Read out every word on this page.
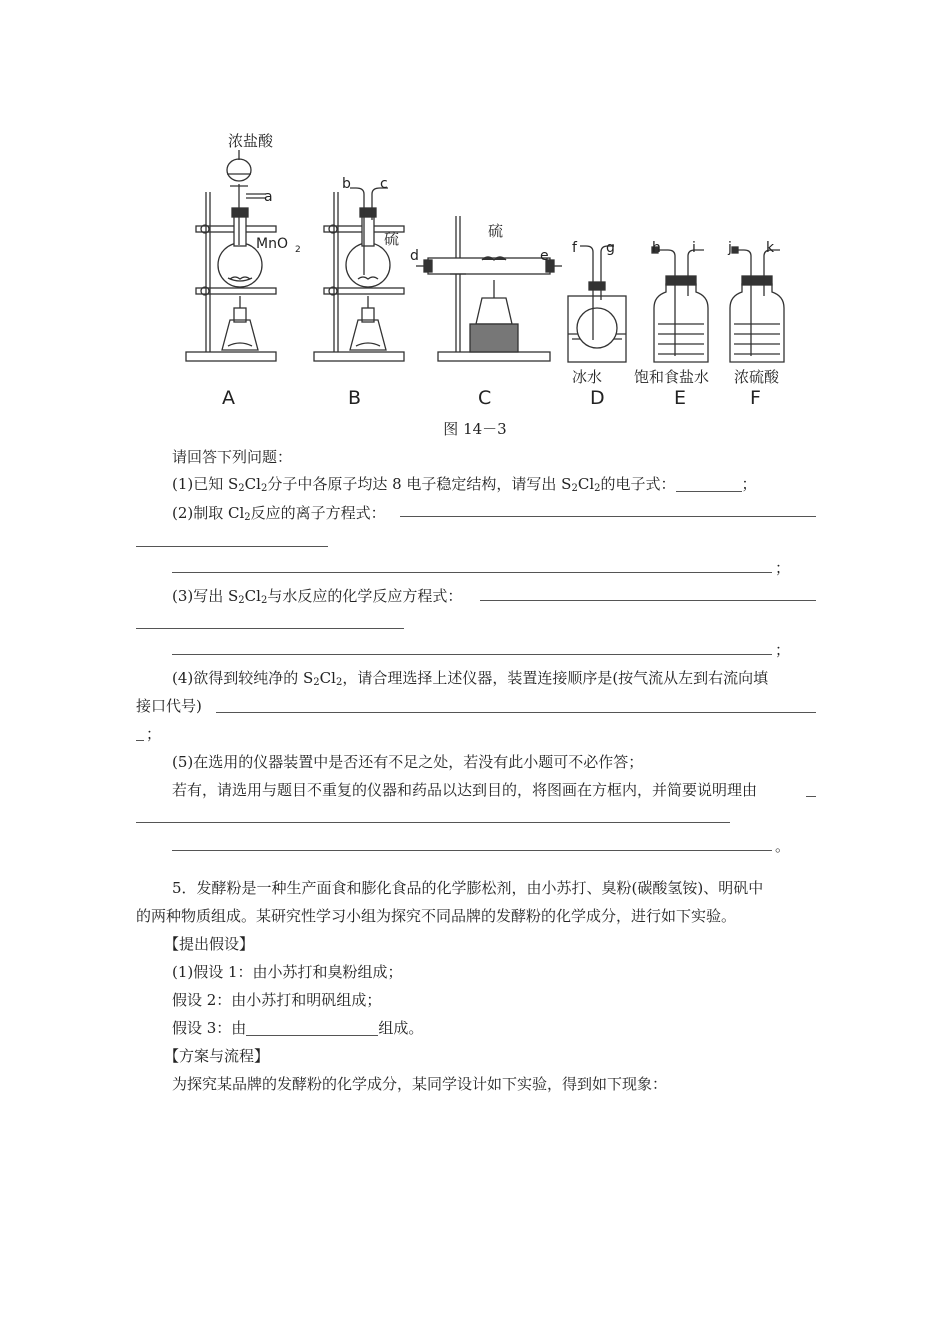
浓盐酸
a
MnO 2
b c
硫	硫
d	e f g
冰水
h i
饱和食盐水
j k
浓硫酸
A	B	C	D	E	F
图 14－3
请回答下列问题：
(1)已知 $S_2Cl_2$分子中各原子均达 8 电子稳定结构，请写出 $S_2Cl_2$的电子式：	；
(2)制取 $Cl_2$反应的离子方程式：
；
(3)写出 $S_2Cl_2$与水反应的化学反应方程式：
；
(4)欲得到较纯净的 $S_2Cl_2$，请合理选择上述仪器，装置连接顺序是(按气流从左到右流向填
接口代号)
；
(5)在选用的仪器装置中是否还有不足之处，若没有此小题可不必作答；
若有，请选用与题目不重复的仪器和药品以达到目的，将图画在方框内，并简要说明理由
。
5．发酵粉是一种生产面食和膨化食品的化学膨松剂，由小苏打、臭粉(碳酸氢铵)、明矾中
的两种物质组成。某研究性学习小组为探究不同品牌的发酵粉的化学成分，进行如下实验。
【提出假设】
(1)假设 1：由小苏打和臭粉组成；
假设 2：由小苏打和明矾组成；
假设 3：由	组成。
【方案与流程】
为探究某品牌的发酵粉的化学成分，某同学设计如下实验，得到如下现象：
